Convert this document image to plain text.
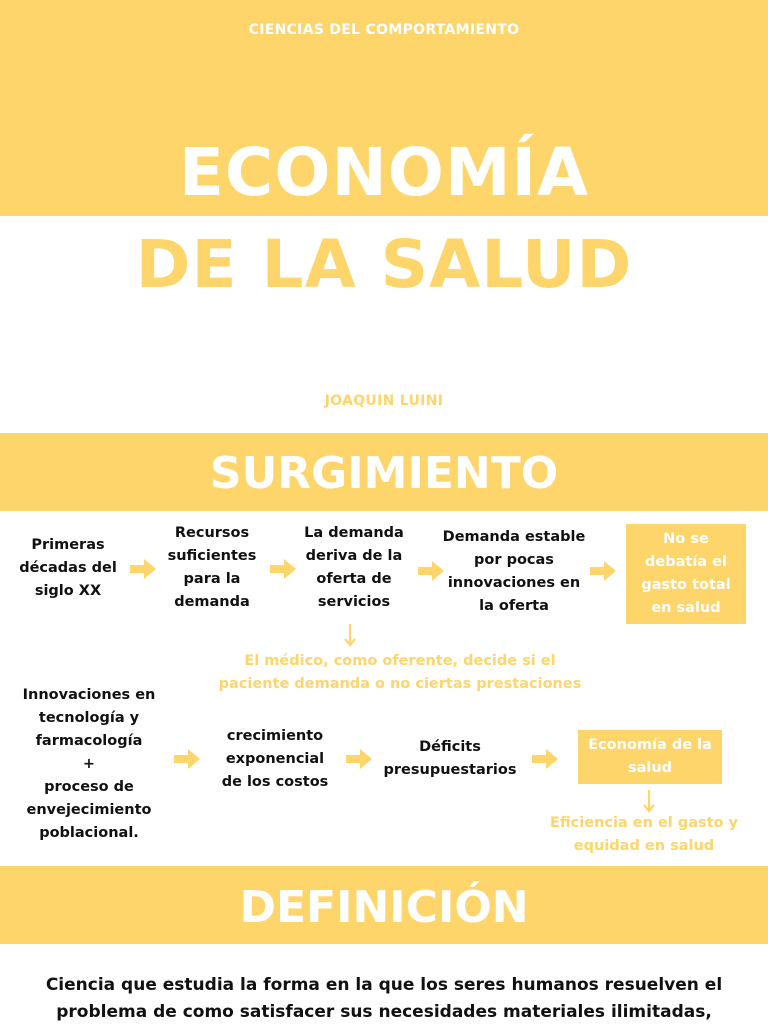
CIENCIAS DEL COMPORTAMIENTO
ECONOMÍA
DE LA SALUD
JOAQUIN LUINI
SURGIMIENTO
Primeras
décadas del
siglo XX
Recursos
suficientes
para la
demanda
La demanda
deriva de la
oferta de
servicios
Demanda estable
por pocas
innovaciones en
la oferta
No se
debatía el
gasto total
en salud
El médico, como oferente, decide si el
paciente demanda o no ciertas prestaciones
Innovaciones en
tecnología y
farmacología
+
proceso de
envejecimiento
poblacional.
crecimiento
exponencial
de los costos
Déficits
presupuestarios
Economía de la
salud
Eficiencia en el gasto y
equidad en salud
DEFINICIÓN
Ciencia que estudia la forma en la que los seres humanos resuelven el
problema de como satisfacer sus necesidades materiales ilimitadas,
